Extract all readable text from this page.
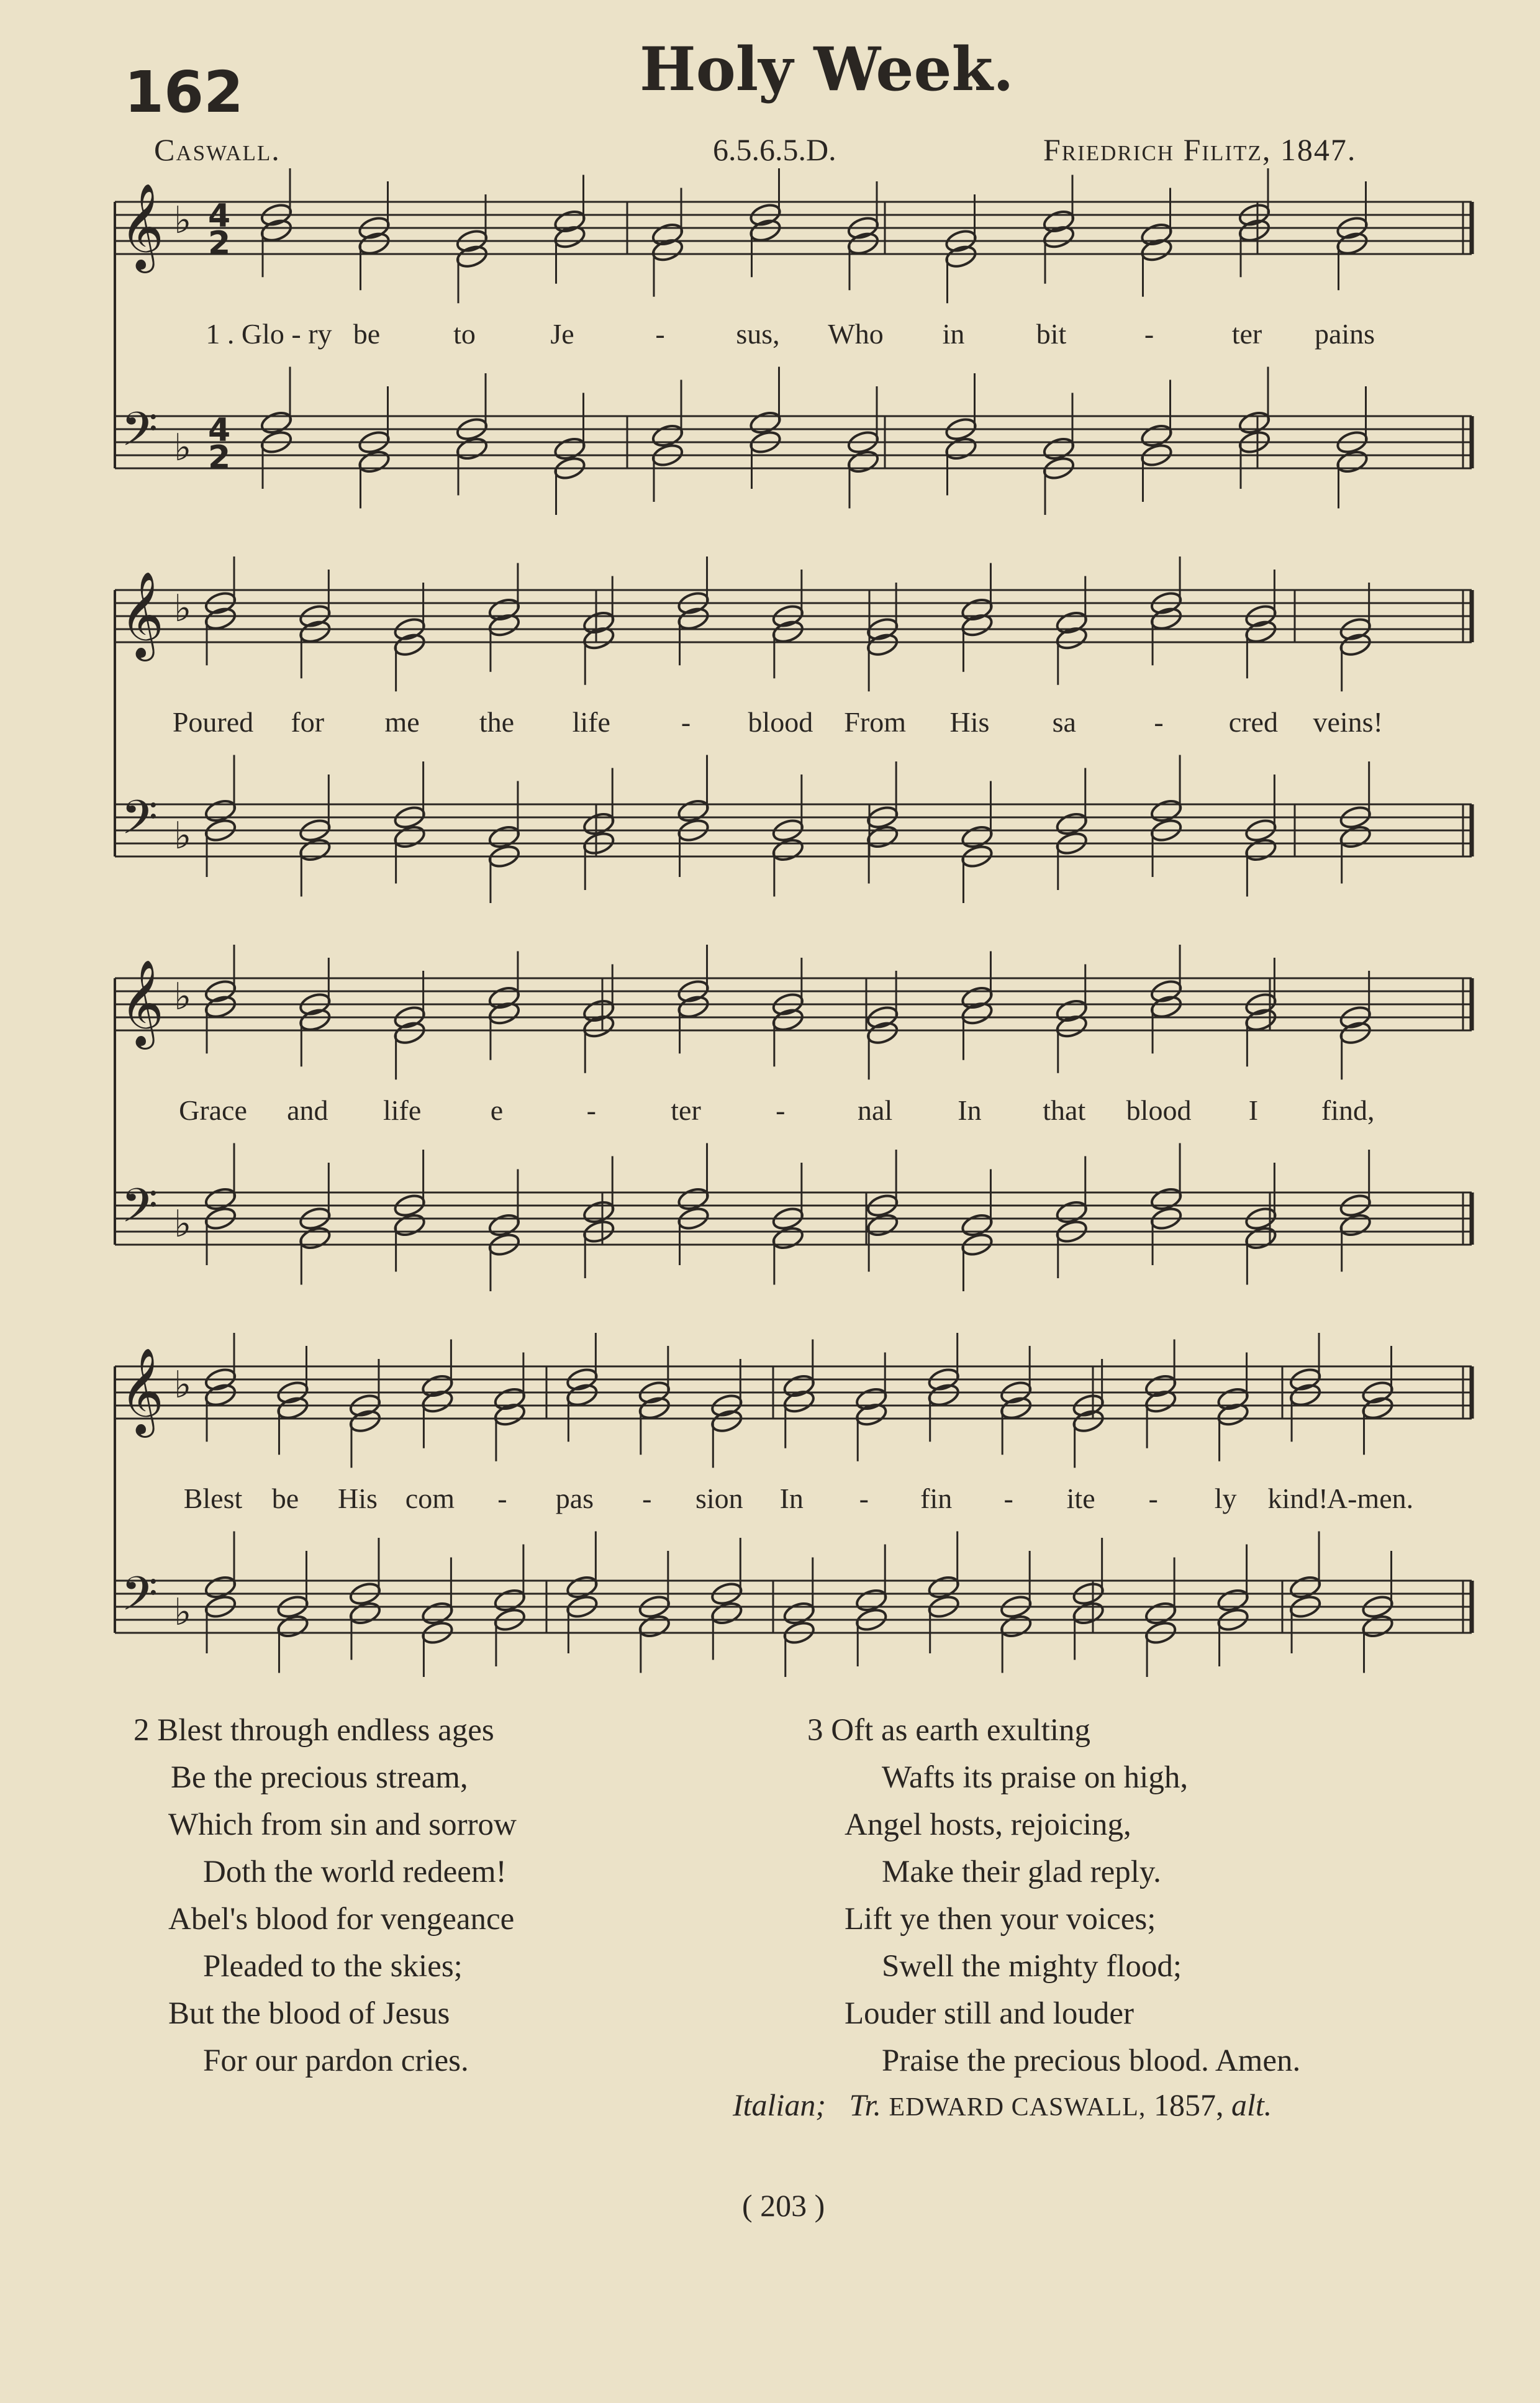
162	Holy Week.
Caswall.	6.5.6.5.D.	Friedrich Filitz, 1847.
𝄞
𝄢
♭
♭
4
2
4
2
1 . Glo - ry be	to	Je	- sus, Who in	bit	-	ter pains
𝄞
𝄢
♭
♭
Poured for me the life - blood From His sa	- cred veins!
𝄞
𝄢
♭
♭
Grace and life e	-	ter	-	nal In that blood I find,
𝄞
𝄢
♭
♭
Blest be His com - pas - sion In - fin - ite - ly kind!
A-men.
2 Blest through endless ages
Be the precious stream,
Which from sin and sorrow
Doth the world redeem!
Abel's blood for vengeance
Pleaded to the skies;
But the blood of Jesus
For our pardon cries.
3 Oft as earth exulting
Wafts its praise on high,
Angel hosts, rejoicing,
Make their glad reply.
Lift ye then your voices;
Swell the mighty flood;
Louder still and louder
Praise the precious blood. Amen.
Italian; Tr. EDWARD CASWALL, 1857, alt.
( 203 )
